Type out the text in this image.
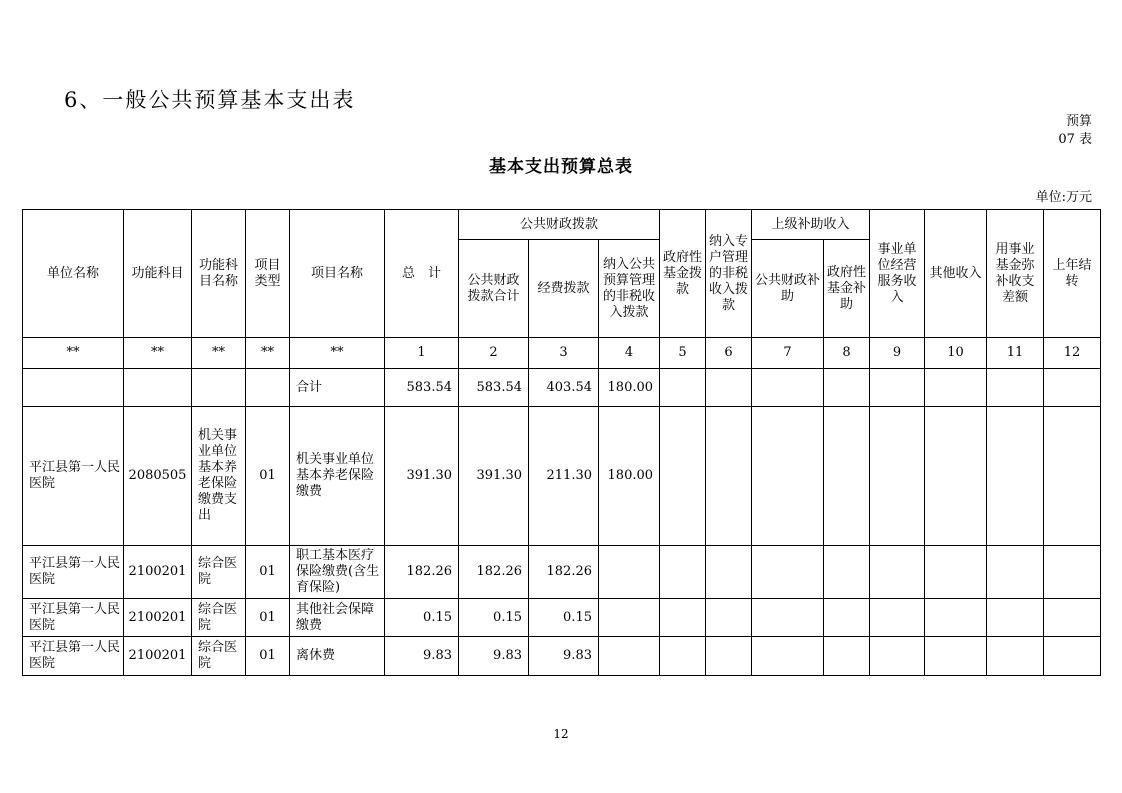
6、一般公共预算基本支出表
预算
07 表
基本支出预算总表
单位:万元
单位名称	功能科目	功能科目名称	项目类型	项目名称	总　计	公共财政拨款			政府性基金拨款	纳入专户管理的非税收入拨款	上级补助收入		事业单位经营服务收入	其他收入	用事业基金弥补收支差额	上年结转
						公共财政拨款合计	经费拨款	纳入公共预算管理的非税收入拨款			公共财政补助	政府性基金补助				
**	**	**	**	**	1	2	3	4	5	6	7	8	9	10	11	12
				合计	583.54	583.54	403.54	180.00								
平江县第一人民医院	2080505	机关事业单位基本养老保险缴费支出	01	机关事业单位基本养老保险缴费	391.30	391.30	211.30	180.00								
平江县第一人民医院	2100201	综合医院	01	职工基本医疗保险缴费(含生育保险)	182.26	182.26	182.26									
平江县第一人民医院	2100201	综合医院	01	其他社会保障缴费	0.15	0.15	0.15									
平江县第一人民医院	2100201	综合医院	01	离休费	9.83	9.83	9.83									
12
